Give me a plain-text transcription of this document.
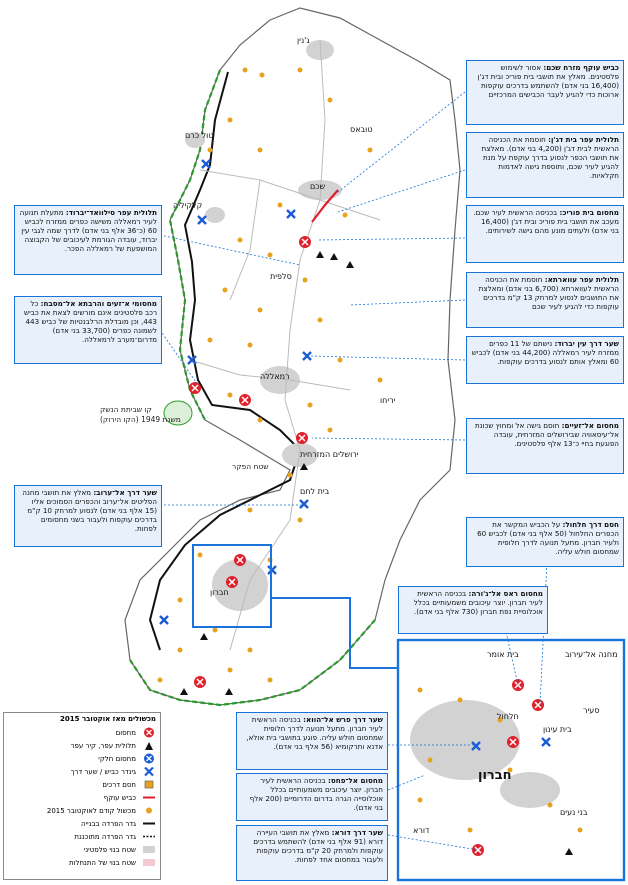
ג'נין
טובאס
טול כרם
שכם
קלקיליה
סלפית
רמאללה
יריחו
ירושלים המזרחית
בית לחם
חברון
בית אומר	מחנה אל־עירוב
סעיר
חלחול
בית עינון
חברון
בני נעים
דורא
קו שביתת הנשק
משנת 1949 (הקו הירוק)
שטח הפקר
כביש עוקף מזרח שכם: אסור לשימוש פלסטינים. מאלץ את תושבי בית פוריכ ובית דג'ן (16,400 בני אדם) להשתמש בדרכים עוקפות ארוכות כדי להגיע לעבר הכבישים המרכזיים
תלולית עפר בית דג'ן: חוסמת את הכניסה הראשית לבית דג'ן (4,200 בני אדם). מאלצת את תושבי הכפר לנסוע בדרך עוקפת על מנת להגיע לעיר שכם, ותוספת גישה לאדמות חקלאיות.
מחסום בית פוריכ: בכניסה הראשית לעיר שכם. מעכב את תושבי בית פוריכ ובית דג'ן (16,400 בני אדם) ולעתים מונע מהם גישה לשירותים.
תלולית עפר עווארתא: חוסמת את הכניסה הראשית לעווארתא (6,700 בני אדם) ומאלצת את התושבים לנסוע למרחק 13 ק"מ בדרכים עוקפות כדי להגיע לעיר שכם
שער דרך עין יברוד: נישתם של 11 כפרים ממזרח לעיר רמאללה (44,200 בני אדם) לכביש 60 ומאלץ אותם לנסוע בדרכים עוקפות.
מחסום אל־זעיים: חוסם גישה אל ומחוץ שכונת אל־עיסאוויה שבירושלים המזרחית, עובדה הפוגעת בחיי כ־13 אלף פלסטינים.
חסם דרך חלחול: על הכביש המקשר את הכפרים החלחול (50 אלף בני אדם) לכביש 60 ולעיר חברון. מתעל תנועה לדרך חלופית שמחסום חולש עליה.
מחסום ראס אל־ג'ורה: בכניסה הראשית לעיר חברון. יוצר עיכובים משמעותיים בכלל אוכלוסיית נפת חברון (730 אלף בני אדם).
תלולית עפר סילוואד־יברוד: מתעלת תנועה לעיר רמאללה משישה כפרים ממזרח לכביש 60 (כ־36 אלף בני אדם) לדרך שמה לגבי עין יברוד, עובדה הגורמת לעיכובים של הקבוצה המושפעת של רמאללה הפכר.
מחסומי א־זעים והרבתא אל־מסבח: כל רכב פלסטינים אינם מורשים לצאת את כביש 443, וכן מובדלת הרלבנטיות של כביש 443 לשמונה כפרים (33,700 בני אדם) מדרום־מערב לרמאללה.
שער דרך אל־ערוב: מאלץ את תושבי מחנה הפליטים אל־ערוב והכפרים הסמוכים אליו (15 אלף בני אדם) לנסוע למרחק 10 ק"מ בדרכים עוקפות ולעבור בשני מחסומים לפחות.
שער דרך פרש אל־הווא: בכניסה הראשית לעיר חברון. מתעל תנועה לדרך חלופית שמחסום חולש עליה. פוגע בתושבי בית אולא, אדנא ותרקומיא (56 אלף בני אדם).
מחסום אל־פחס: בכניסה הראשית לעיר חברון. יוצר עיכובים משמעותיים בכלל אוכלוסייה הגרה בדרום הדרומיים (200 אלף בני אדם).
שער דרך דורא: מאלץ את תושבי העיירה דורא (91 אלף בני אדם) להשתמש בדרכים עוקפות ולמרחק 20 ק"מ בדרכים עוקפות ולעבור במחסום אחד לפחות.
מכשולים מאז אוקטובר 2015
מחסום
תלולית עפר, קיר עפר
מחסום חלקי
גינדר כביש / שער דרך
חסם דרכים
כביש עוקף
מכשול קודם לאוקטובר 2015
גדר הפרדה בבנייה
גדר הפרדה מתוכננת
שטח בנוי פלסטיני
שטח בנוי של התנחלות
